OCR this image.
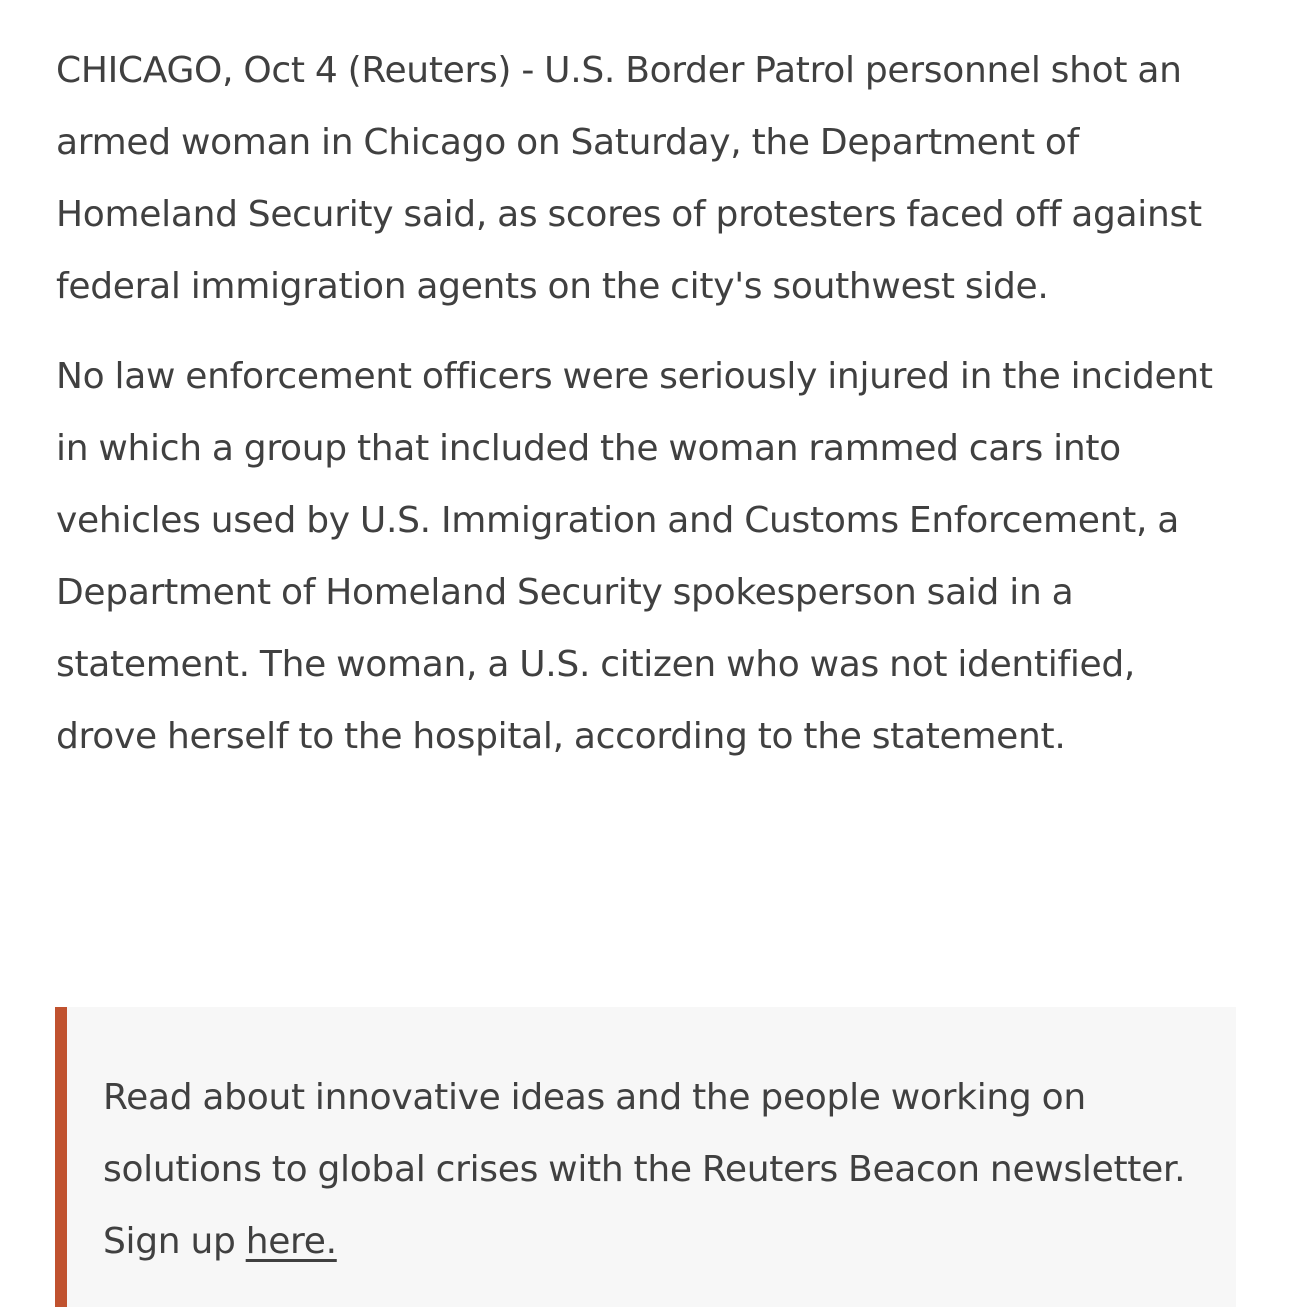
CHICAGO, Oct 4 (Reuters) - U.S. Border Patrol personnel shot an armed woman in Chicago on Saturday, the Department of Homeland Security said, as scores of protesters faced off against federal immigration agents on the city's southwest side.

No law enforcement officers were seriously injured in the incident in which a group that included the woman rammed cars into vehicles used by U.S. Immigration and Customs Enforcement, a Department of Homeland Security spokesperson said in a statement. The woman, a U.S. citizen who was not identified, drove herself to the hospital, according to the statement.

Read about innovative ideas and the people working on solutions to global crises with the Reuters Beacon newsletter. Sign up here.
